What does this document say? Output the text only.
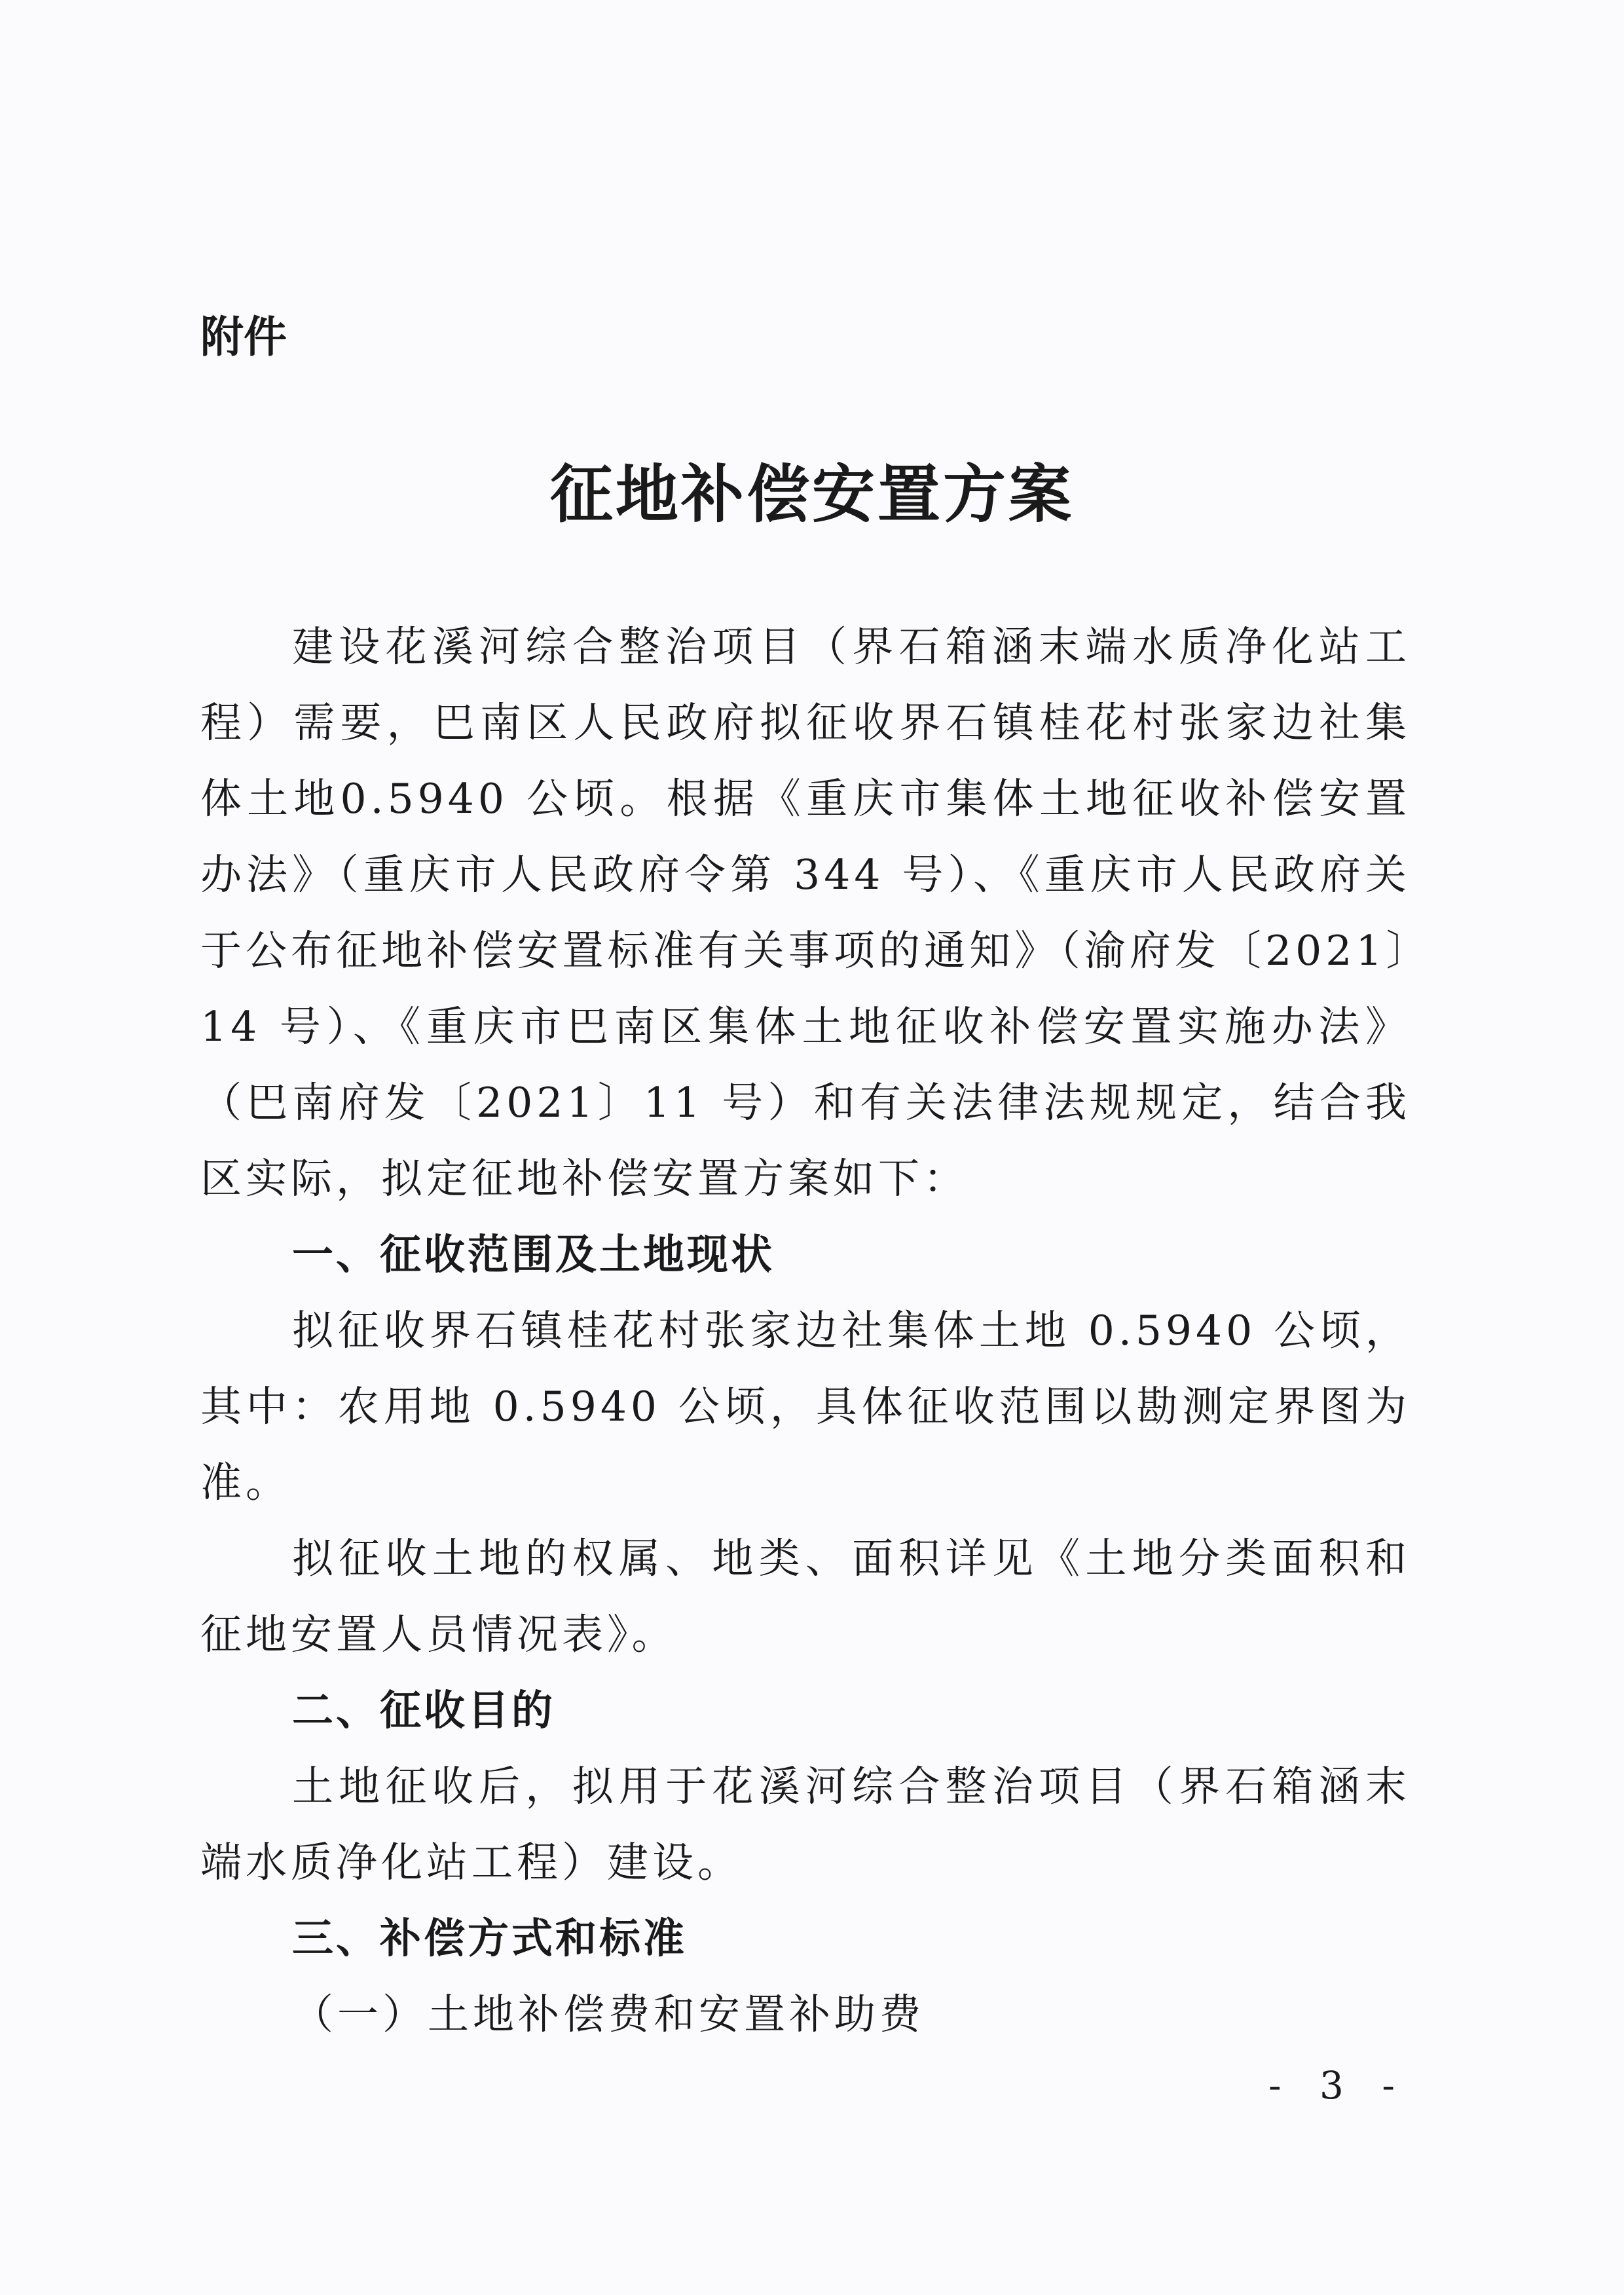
附件
征地补偿安置方案

建设花溪河综合整治项目（界石箱涵末端水质净化站工程）需要，巴南区人民政府拟征收界石镇桂花村张家边社集体土地0.5940 公顷。根据《重庆市集体土地征收补偿安置办法》（重庆市人民政府令第 344 号）、《重庆市人民政府关于公布征地补偿安置标准有关事项的通知》（渝府发〔2021〕14 号）、《重庆市巴南区集体土地征收补偿安置实施办法》（巴南府发〔2021〕11 号）和有关法律法规规定，结合我区实际，拟定征地补偿安置方案如下：

一、征收范围及土地现状

拟征收界石镇桂花村张家边社集体土地 0.5940 公顷，其中：农用地 0.5940 公顷，具体征收范围以勘测定界图为准。

拟征收土地的权属、地类、面积详见《土地分类面积和征地安置人员情况表》。

二、征收目的

土地征收后，拟用于花溪河综合整治项目（界石箱涵末端水质净化站工程）建设。

三、补偿方式和标准

（一）土地补偿费和安置补助费

- 3 -
